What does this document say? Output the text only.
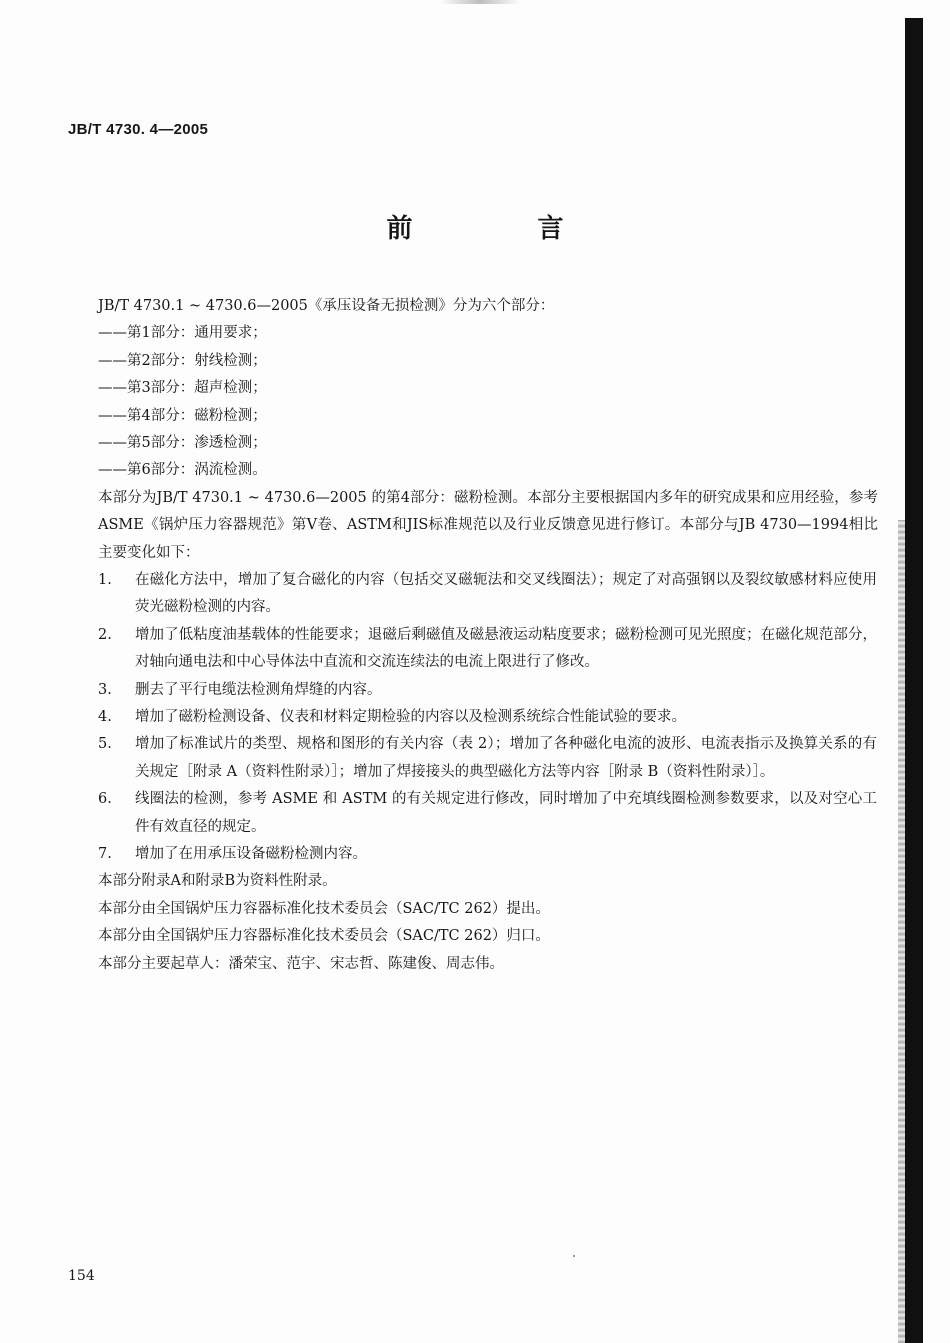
JB/T 4730. 4—2005
前 言
JB/T 4730.1 ~ 4730.6—2005《承压设备无损检测》分为六个部分：
——第1部分：通用要求；
——第2部分：射线检测；
——第3部分：超声检测；
——第4部分：磁粉检测；
——第5部分：渗透检测；
——第6部分：涡流检测。
本部分为JB/T 4730.1 ~ 4730.6—2005 的第4部分：磁粉检测。本部分主要根据国内多年的研究成果和应用经验，参考ASME《锅炉压力容器规范》第Ⅴ卷、ASTM和JIS标准规范以及行业反馈意见进行修订。本部分与JB 4730—1994相比主要变化如下：
1. 在磁化方法中，增加了复合磁化的内容（包括交叉磁轭法和交叉线圈法）；规定了对高强钢以及裂纹敏感材料应使用荧光磁粉检测的内容。
2. 增加了低粘度油基载体的性能要求；退磁后剩磁值及磁悬液运动粘度要求；磁粉检测可见光照度；在磁化规范部分，对轴向通电法和中心导体法中直流和交流连续法的电流上限进行了修改。
3. 删去了平行电缆法检测角焊缝的内容。
4. 增加了磁粉检测设备、仪表和材料定期检验的内容以及检测系统综合性能试验的要求。
5. 增加了标准试片的类型、规格和图形的有关内容（表 2）；增加了各种磁化电流的波形、电流表指示及换算关系的有关规定［附录 A（资料性附录）］；增加了焊接接头的典型磁化方法等内容［附录 B（资料性附录）］。
6. 线圈法的检测，参考 ASME 和 ASTM 的有关规定进行修改，同时增加了中充填线圈检测参数要求，以及对空心工件有效直径的规定。
7. 增加了在用承压设备磁粉检测内容。
本部分附录A和附录B为资料性附录。
本部分由全国锅炉压力容器标准化技术委员会（SAC/TC 262）提出。
本部分由全国锅炉压力容器标准化技术委员会（SAC/TC 262）归口。
本部分主要起草人：潘荣宝、范宇、宋志哲、陈建俊、周志伟。
154
